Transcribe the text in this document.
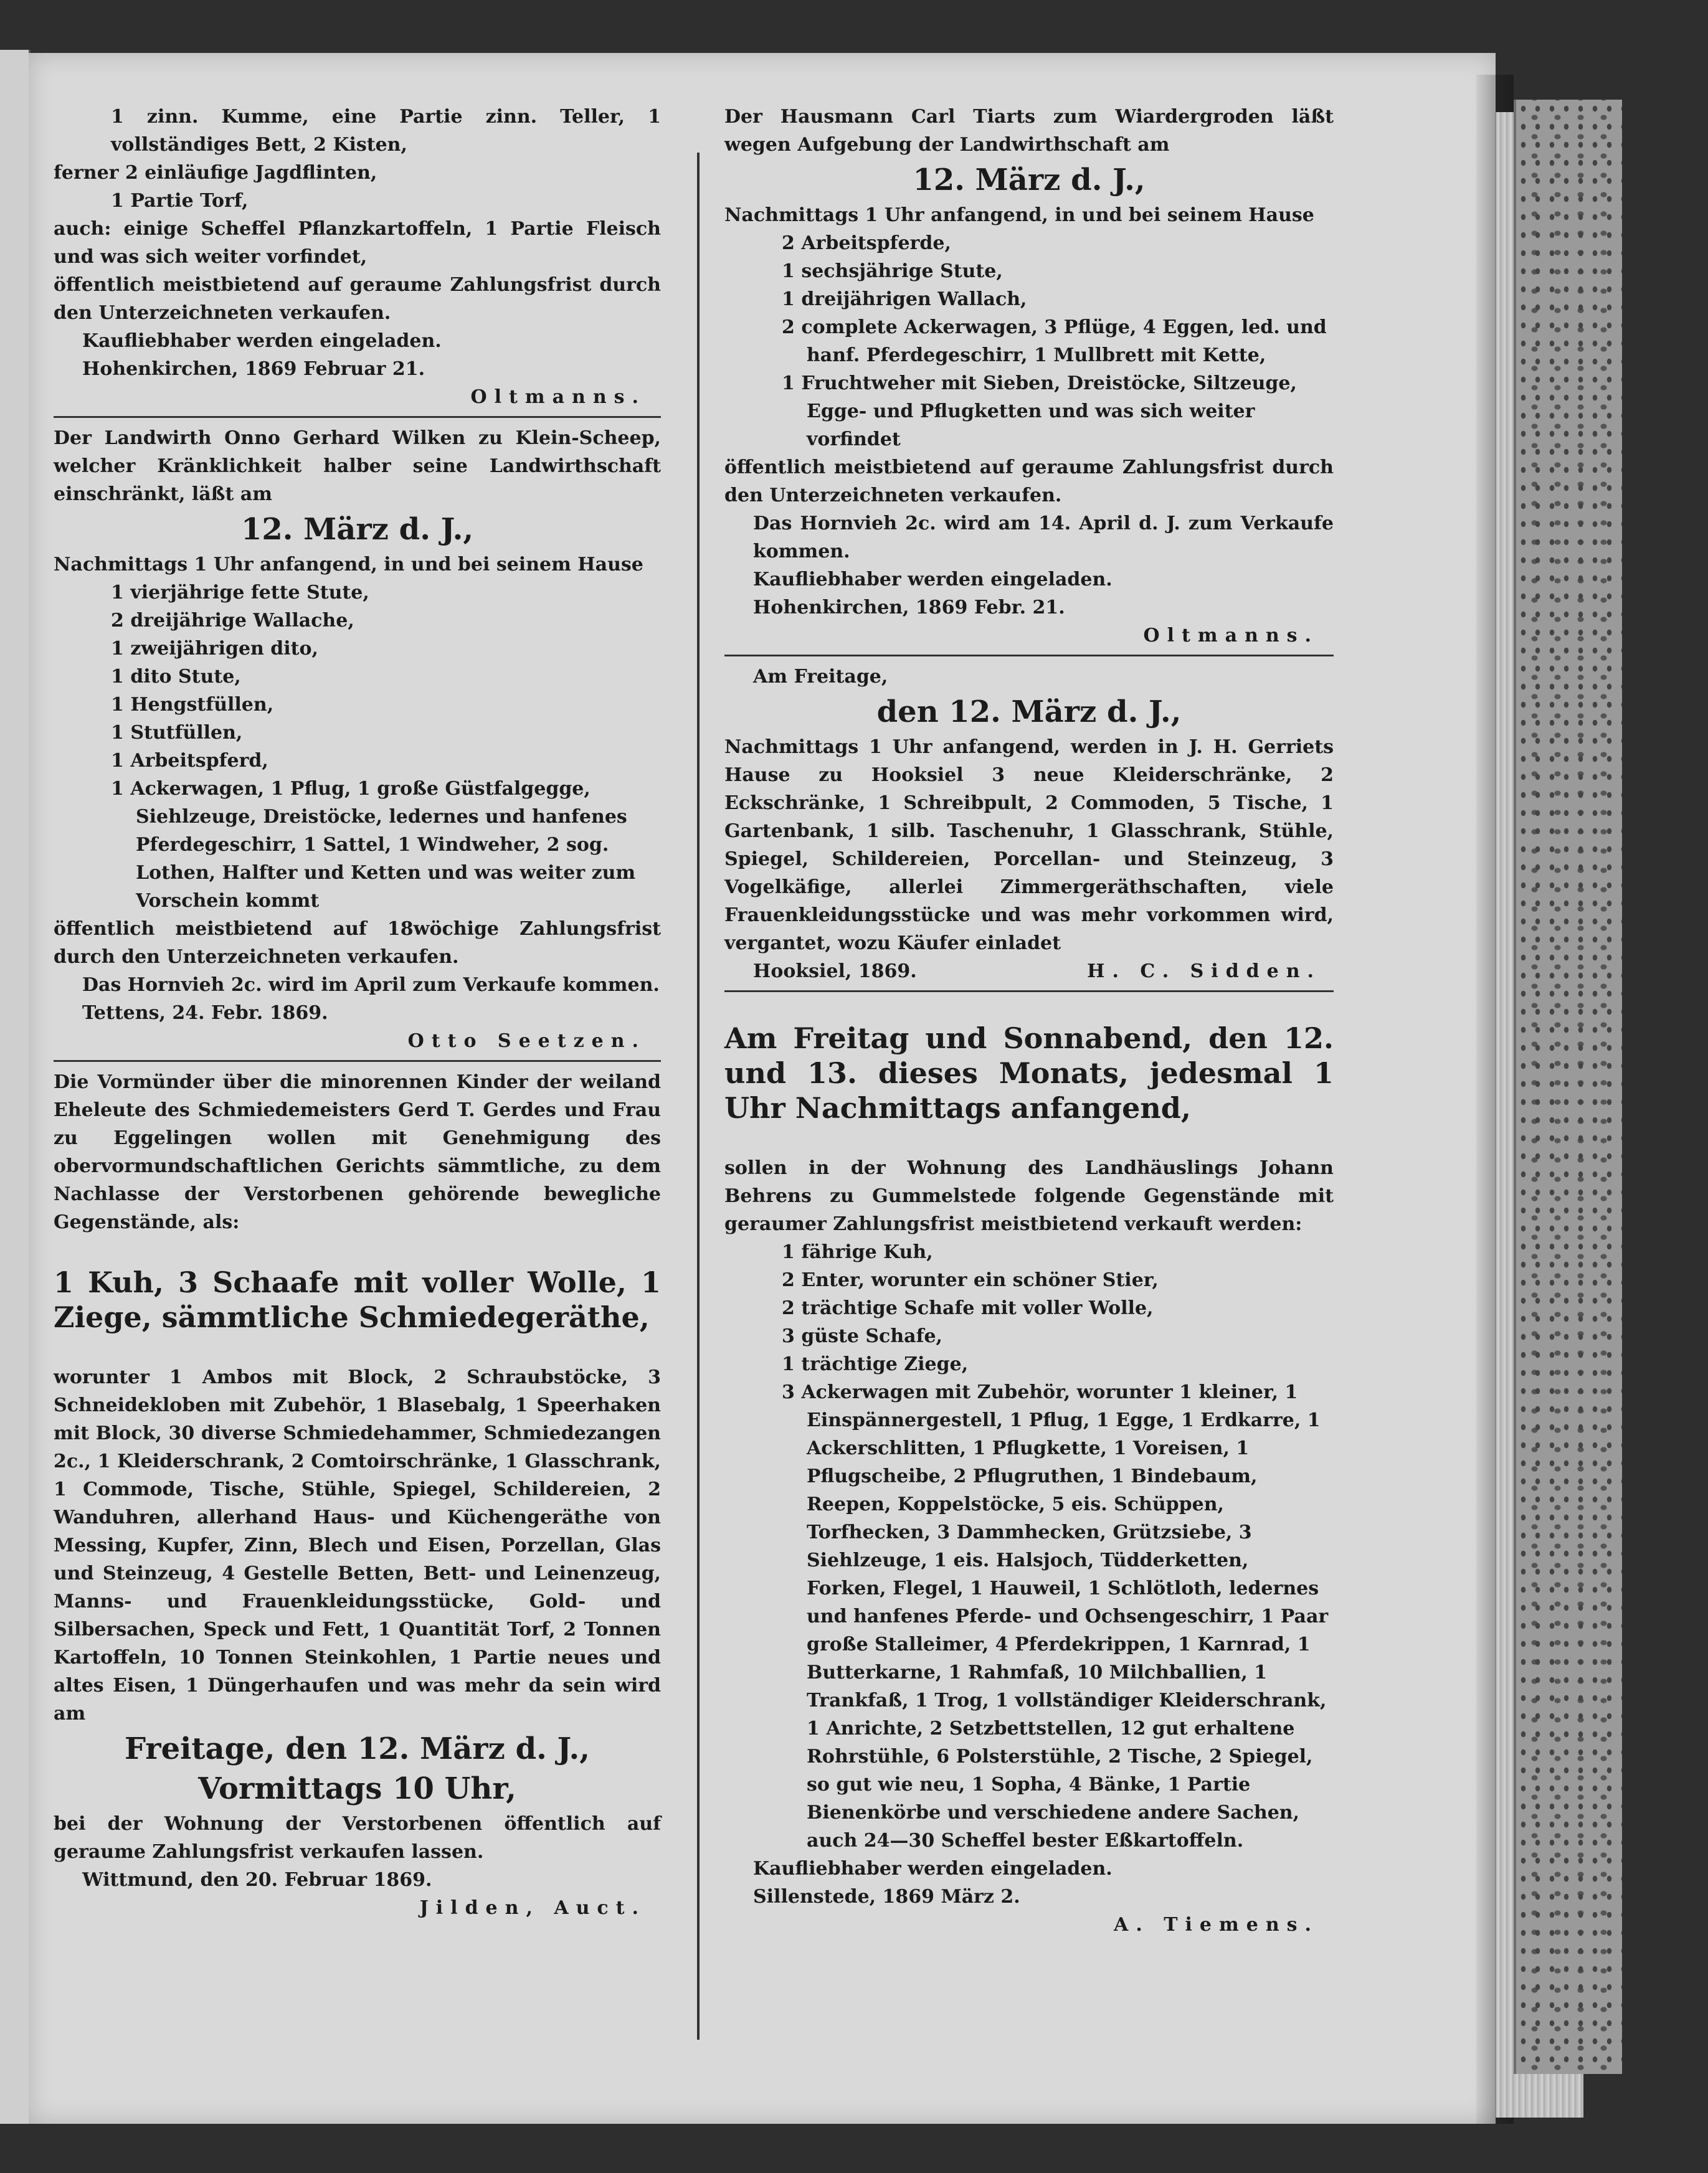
1 zinn. Kumme, eine Partie zinn. Teller, 1 vollständiges Bett, 2 Kisten,

ferner 2 einläufige Jagdflinten,

1 Partie Torf,

auch: einige Scheffel Pflanzkartoffeln, 1 Partie Fleisch und was sich weiter vorfindet,

öffentlich meistbietend auf geraume Zahlungsfrist durch den Unterzeichneten verkaufen.

Kaufliebhaber werden eingeladen.

Hohenkirchen, 1869 Februar 21.

Oltmanns.

Der Landwirth Onno Gerhard Wilken zu Klein-Scheep, welcher Kränklichkeit halber seine Landwirthschaft einschränkt, läßt am

12. März d. J.,

Nachmittags 1 Uhr anfangend, in und bei seinem Hause

1 vierjährige fette Stute,
2 dreijährige Wallache,
1 zweijährigen dito,
1 dito Stute,
1 Hengstfüllen,
1 Stutfüllen,
1 Arbeitspferd,
1 Ackerwagen, 1 Pflug, 1 große Güstfalgegge, Siehlzeuge, Dreistöcke, ledernes und hanfenes Pferdegeschirr, 1 Sattel, 1 Windweher, 2 sog. Lothen, Halfter und Ketten und was weiter zum Vorschein kommt

öffentlich meistbietend auf 18wöchige Zahlungsfrist durch den Unterzeichneten verkaufen.

Das Hornvieh 2c. wird im April zum Verkaufe kommen.

Tettens, 24. Febr. 1869.

Otto Seetzen.

Die Vormünder über die minorennen Kinder der weiland Eheleute des Schmiedemeisters Gerd T. Gerdes und Frau zu Eggelingen wollen mit Genehmigung des obervormundschaftlichen Gerichts sämmtliche, zu dem Nachlasse der Verstorbenen gehörende bewegliche Gegenstände, als:

1 Kuh, 3 Schaafe mit voller Wolle, 1 Ziege, sämmtliche Schmiedegeräthe,

worunter 1 Ambos mit Block, 2 Schraubstöcke, 3 Schneidekloben mit Zubehör, 1 Blasebalg, 1 Speerhaken mit Block, 30 diverse Schmiedehammer, Schmiedezangen 2c., 1 Kleiderschrank, 2 Comtoirschränke, 1 Glasschrank, 1 Commode, Tische, Stühle, Spiegel, Schildereien, 2 Wanduhren, allerhand Haus- und Küchengeräthe von Messing, Kupfer, Zinn, Blech und Eisen, Porzellan, Glas und Steinzeug, 4 Gestelle Betten, Bett- und Leinenzeug, Manns- und Frauenkleidungsstücke, Gold- und Silbersachen, Speck und Fett, 1 Quantität Torf, 2 Tonnen Kartoffeln, 10 Tonnen Steinkohlen, 1 Partie neues und altes Eisen, 1 Düngerhaufen und was mehr da sein wird am

Freitage, den 12. März d. J.,

Vormittags 10 Uhr,

bei der Wohnung der Verstorbenen öffentlich auf geraume Zahlungsfrist verkaufen lassen.

Wittmund, den 20. Februar 1869.

Jilden, Auct.

Der Hausmann Carl Tiarts zum Wiardergroden läßt wegen Aufgebung der Landwirthschaft am

12. März d. J.,

Nachmittags 1 Uhr anfangend, in und bei seinem Hause

2 Arbeitspferde,
1 sechsjährige Stute,
1 dreijährigen Wallach,
2 complete Ackerwagen, 3 Pflüge, 4 Eggen, led. und hanf. Pferdegeschirr, 1 Mullbrett mit Kette,
1 Fruchtweher mit Sieben, Dreistöcke, Siltzeuge, Egge- und Pflugketten und was sich weiter vorfindet

öffentlich meistbietend auf geraume Zahlungsfrist durch den Unterzeichneten verkaufen.

Das Hornvieh 2c. wird am 14. April d. J. zum Verkaufe kommen.

Kaufliebhaber werden eingeladen.

Hohenkirchen, 1869 Febr. 21.

Oltmanns.

Am Freitage,

den 12. März d. J.,

Nachmittags 1 Uhr anfangend, werden in J. H. Gerriets Hause zu Hooksiel 3 neue Kleiderschränke, 2 Eckschränke, 1 Schreibpult, 2 Commoden, 5 Tische, 1 Gartenbank, 1 silb. Taschenuhr, 1 Glasschrank, Stühle, Spiegel, Schildereien, Porcellan- und Steinzeug, 3 Vogelkäfige, allerlei Zimmergeräthschaften, viele Frauenkleidungsstücke und was mehr vorkommen wird, vergantet, wozu Käufer einladet

Hooksiel, 1869.	H. C. Sidden.

Am Freitag und Sonnabend, den 12. und 13. dieses Monats, jedesmal 1 Uhr Nachmittags anfangend,

sollen in der Wohnung des Landhäuslings Johann Behrens zu Gummelstede folgende Gegenstände mit geraumer Zahlungsfrist meistbietend verkauft werden:

1 fährige Kuh,
2 Enter, worunter ein schöner Stier,
2 trächtige Schafe mit voller Wolle,
3 güste Schafe,
1 trächtige Ziege,
3 Ackerwagen mit Zubehör, worunter 1 kleiner, 1 Einspännergestell, 1 Pflug, 1 Egge, 1 Erdkarre, 1 Ackerschlitten, 1 Pflugkette, 1 Voreisen, 1 Pflugscheibe, 2 Pflugruthen, 1 Bindebaum, Reepen, Koppelstöcke, 5 eis. Schüppen, Torfhecken, 3 Dammhecken, Grützsiebe, 3 Siehlzeuge, 1 eis. Halsjoch, Tüdderketten, Forken, Flegel, 1 Hauweil, 1 Schlötloth, ledernes und hanfenes Pferde- und Ochsengeschirr, 1 Paar große Stalleimer, 4 Pferdekrippen, 1 Karnrad, 1 Butterkarne, 1 Rahmfaß, 10 Milchballien, 1 Trankfaß, 1 Trog, 1 vollständiger Kleiderschrank, 1 Anrichte, 2 Setzbettstellen, 12 gut erhaltene Rohrstühle, 6 Polsterstühle, 2 Tische, 2 Spiegel, so gut wie neu, 1 Sopha, 4 Bänke, 1 Partie Bienenkörbe und verschiedene andere Sachen, auch 24—30 Scheffel bester Eßkartoffeln.

Kaufliebhaber werden eingeladen.

Sillenstede, 1869 März 2.

A. Tiemens.
